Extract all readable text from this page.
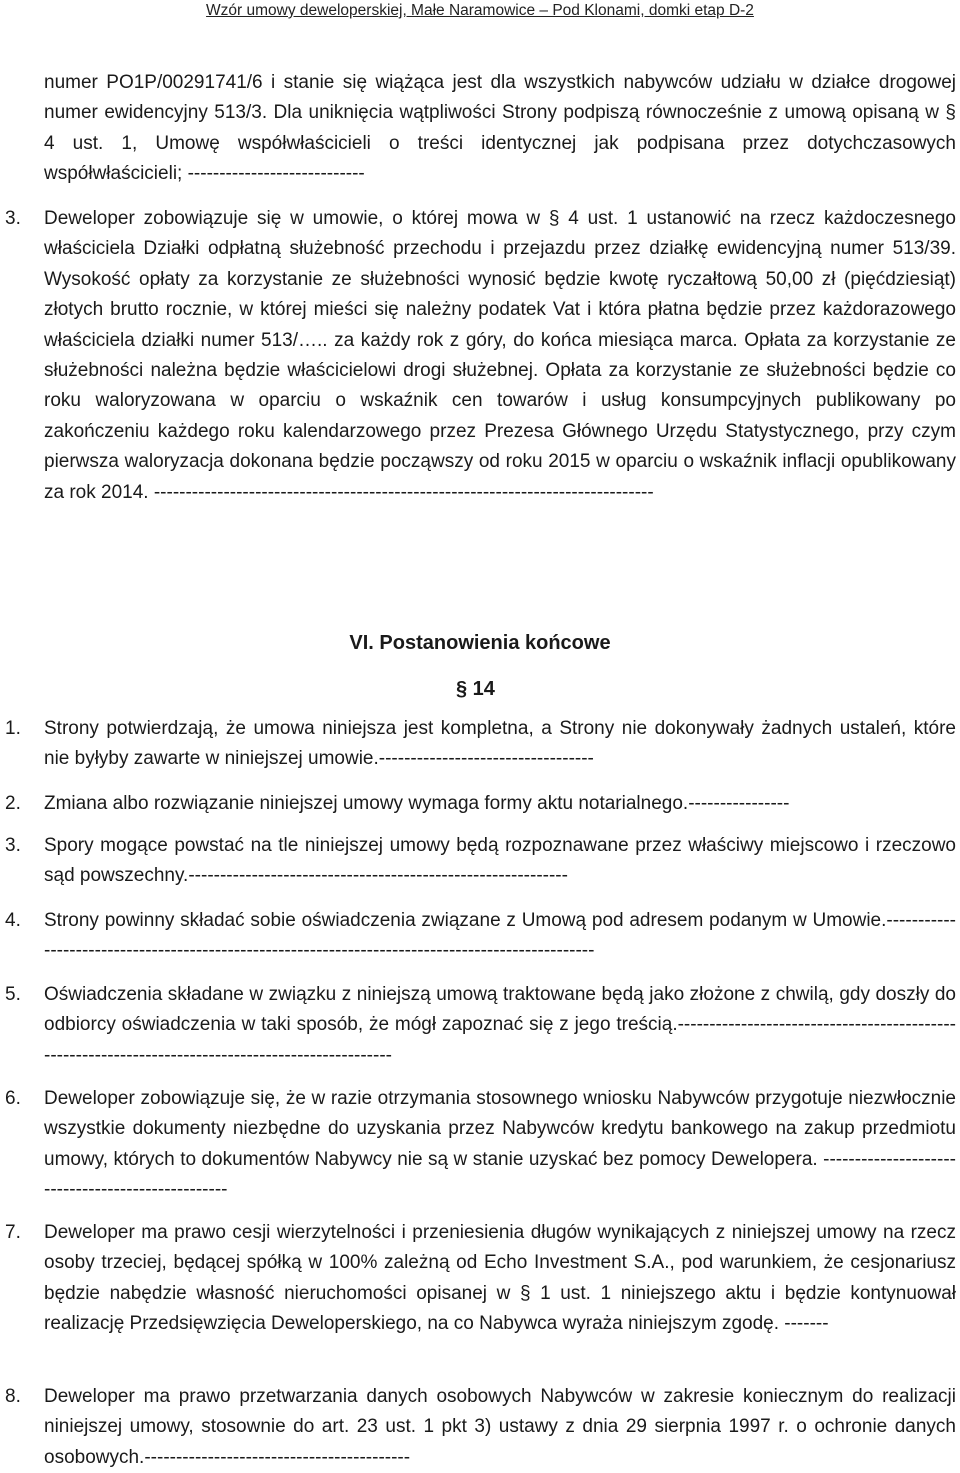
Wzór umowy deweloperskiej, Małe Naramowice – Pod Klonami, domki etap D-2
numer PO1P/00291741/6 i stanie się wiążąca jest dla wszystkich nabywców udziału w działce drogowej numer ewidencyjny 513/3. Dla uniknięcia wątpliwości Strony podpiszą równocześnie z umową opisaną w § 4 ust. 1, Umowę współwłaścicieli o treści identycznej jak podpisana przez dotychczasowych współwłaścicieli; ----------------------------
3. Deweloper zobowiązuje się w umowie, o której mowa w § 4 ust. 1 ustanowić na rzecz każdoczesnego właściciela Działki odpłatną służebność przechodu i przejazdu przez działkę ewidencyjną numer 513/39. Wysokość opłaty za korzystanie ze służebności wynosić będzie kwotę ryczałtową 50,00 zł (pięćdziesiąt) złotych brutto rocznie, w której mieści się należny podatek Vat i która płatna będzie przez każdorazowego właściciela działki numer 513/….. za każdy rok z góry, do końca miesiąca marca. Opłata za korzystanie ze służebności należna będzie właścicielowi drogi służebnej. Opłata za korzystanie ze służebności będzie co roku waloryzowana w oparciu o wskaźnik cen towarów i usług konsumpcyjnych publikowany po zakończeniu każdego roku kalendarzowego przez Prezesa Głównego Urzędu Statystycznego, przy czym pierwsza waloryzacja dokonana będzie począwszy od roku 2015 w oparciu o wskaźnik inflacji opublikowany za rok 2014. -------------------------------------------------------------------------------
VI. Postanowienia końcowe
§ 14
1. Strony potwierdzają, że umowa niniejsza jest kompletna, a Strony nie dokonywały żadnych ustaleń, które nie byłyby zawarte w niniejszej umowie.----------------------------------
2. Zmiana albo rozwiązanie niniejszej umowy wymaga formy aktu notarialnego.----------------
3. Spory mogące powstać na tle niniejszej umowy będą rozpoznawane przez właściwy miejscowo i rzeczowo sąd powszechny.------------------------------------------------------------
4. Strony powinny składać sobie oświadczenia związane z Umową pod adresem podanym w Umowie.--------------------------------------------------------------------------------------------------
5. Oświadczenia składane w związku z niniejszą umową traktowane będą jako złożone z chwilą, gdy doszły do odbiorcy oświadczenia w taki sposób, że mógł zapoznać się z jego treścią.-------------------------------------------- -------------------------------------------------------
6. Deweloper zobowiązuje się, że w razie otrzymania stosownego wniosku Nabywców przygotuje niezwłocznie wszystkie dokumenty niezbędne do uzyskania przez Nabywców kredytu bankowego na zakup przedmiotu umowy, których to dokumentów Nabywcy nie są w stanie uzyskać bez pomocy Dewelopera. --------------------------------------------------
7. Deweloper ma prawo cesji wierzytelności i przeniesienia długów wynikających z niniejszej umowy na rzecz osoby trzeciej, będącej spółką w 100% zależną od Echo Investment S.A., pod warunkiem, że cesjonariusz będzie nabędzie własność nieruchomości opisanej w § 1 ust. 1 niniejszego aktu i będzie kontynuował realizację Przedsięwzięcia Deweloperskiego, na co Nabywca wyraża niniejszym zgodę. -------
8. Deweloper ma prawo przetwarzania danych osobowych Nabywców w zakresie koniecznym do realizacji niniejszej umowy, stosownie do art. 23 ust. 1 pkt 3) ustawy z dnia 29 sierpnia 1997 r. o ochronie danych osobowych.------------------------------------------
